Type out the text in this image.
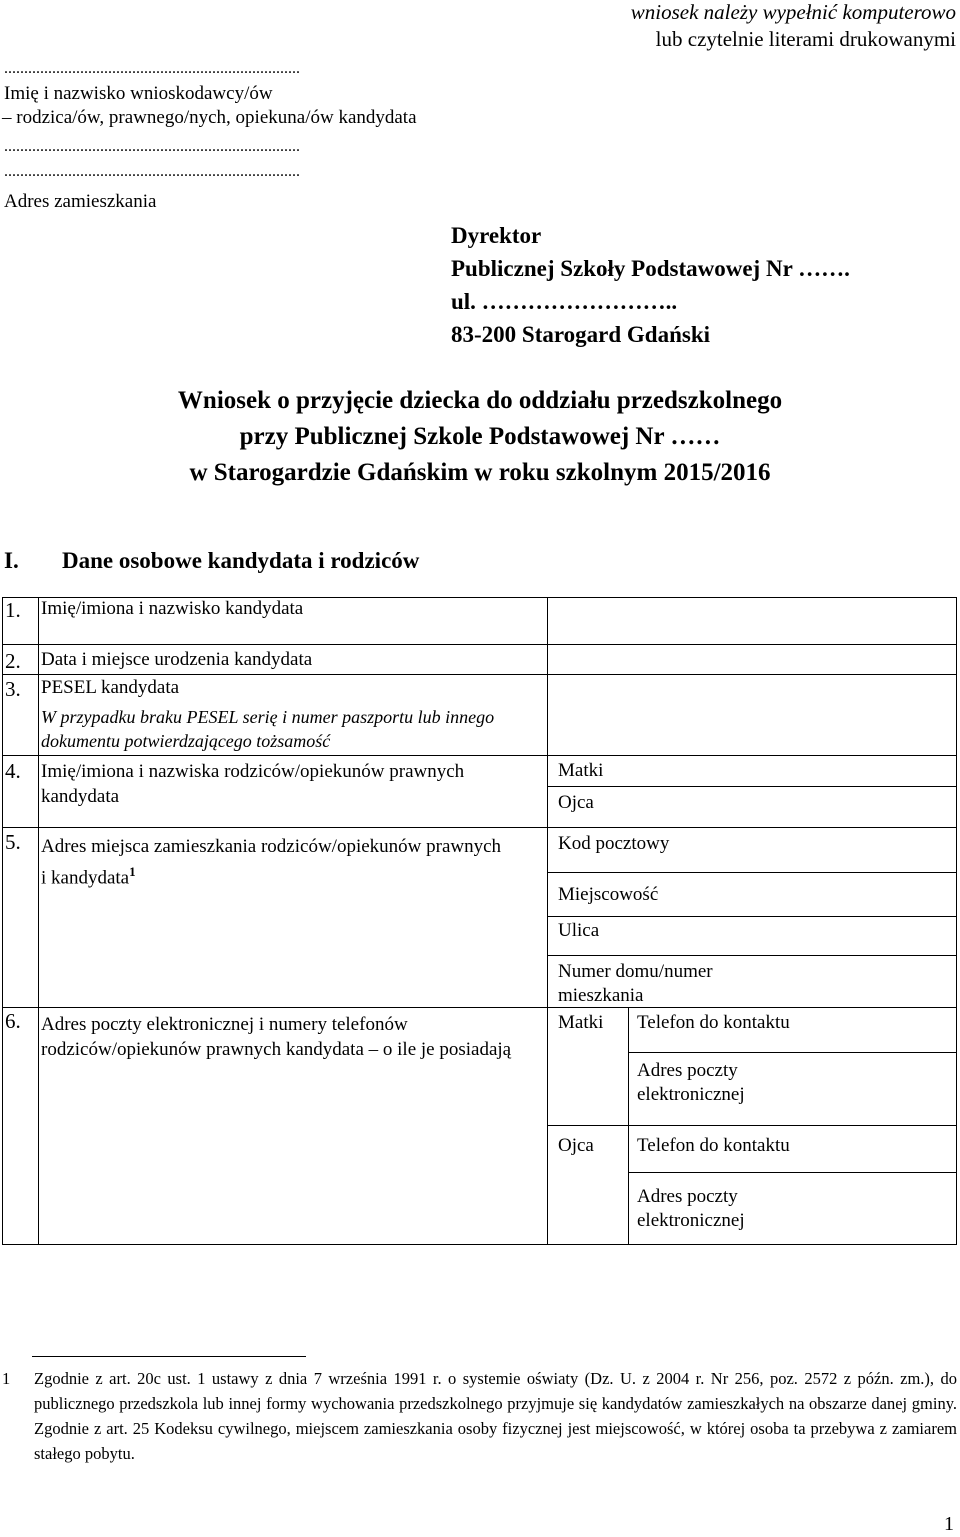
wniosek należy wypełnić komputerowo
lub czytelnie literami drukowanymi
..........................................................................
Imię i nazwisko wnioskodawcy/ów
– rodzica/ów, prawnego/nych, opiekuna/ów kandydata
..........................................................................
..........................................................................
Adres zamieszkania
Dyrektor
Publicznej Szkoły Podstawowej Nr …….
ul. ……………………..
83-200 Starogard Gdański
Wniosek o przyjęcie dziecka do oddziału przedszkolnego
przy Publicznej Szkole Podstawowej Nr ……
w Starogardzie Gdańskim w roku szkolnym 2015/2016
I. Dane osobowe kandydata i rodziców
1.	Imię/imiona i nazwisko kandydata	
2.	Data i miejsce urodzenia kandydata	
3.	PESEL kandydata
W przypadku braku PESEL serię i numer paszportu lub innego dokumentu potwierdzającego tożsamość

4.	Imię/imiona i nazwiska rodziców/opiekunów prawnych kandydata	
Matki
Ojca

5.	Adres miejsca zamieszkania rodziców/opiekunów prawnych i kandydata$^1$	
Kod pocztowy
Miejscowość
Ulica
Numer domu/numer mieszkania

6.	Adres poczty elektronicznej i numery telefonów rodziców/opiekunów prawnych kandydata – o ile je posiadają	
Matki	Telefon do kontaktu

Adres poczty elektronicznej

Ojca	Telefon do kontaktu

Adres poczty elektronicznej
1 Zgodnie z art. 20c ust. 1 ustawy z dnia 7 września 1991 r. o systemie oświaty (Dz. U. z 2004 r. Nr 256, poz. 2572 z późn. zm.), do publicznego przedszkola lub innej formy wychowania przedszkolnego przyjmuje się kandydatów zamieszkałych na obszarze danej gminy. Zgodnie z art. 25 Kodeksu cywilnego, miejscem zamieszkania osoby fizycznej jest miejscowość, w której osoba ta przebywa z zamiarem stałego pobytu.
1
